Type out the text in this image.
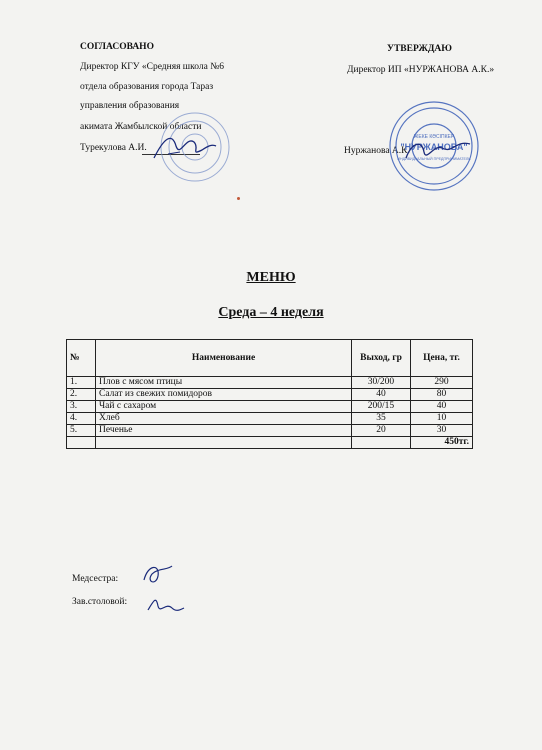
СОГЛАСОВАНО
Директор КГУ «Средняя школа №6
отдела образования города Тараз
управления образования
акимата Жамбылской области
Турекулова А.И.
УТВЕРЖДАЮ
Директор ИП «НУРЖАНОВА А.К.»
Нуржанова А.К.
ЖЕКЕ КӘСІПКЕР
"НУРЖАНОВА"
ИНДИВИДУАЛЬНЫЙ ПРЕДПРИНИМАТЕЛЬ
МЕНЮ
Среда – 4 неделя
№	Наименование	Выход, гр	Цена, тг.
1.	Плов с мясом птицы	30/200	290
2.	Салат из свежих помидоров	40	80
3.	Чай с сахаром	200/15	40
4.	Хлеб	35	10
5.	Печенье	20	30
			450тг.
Медсестра:
Зав.столовой:
